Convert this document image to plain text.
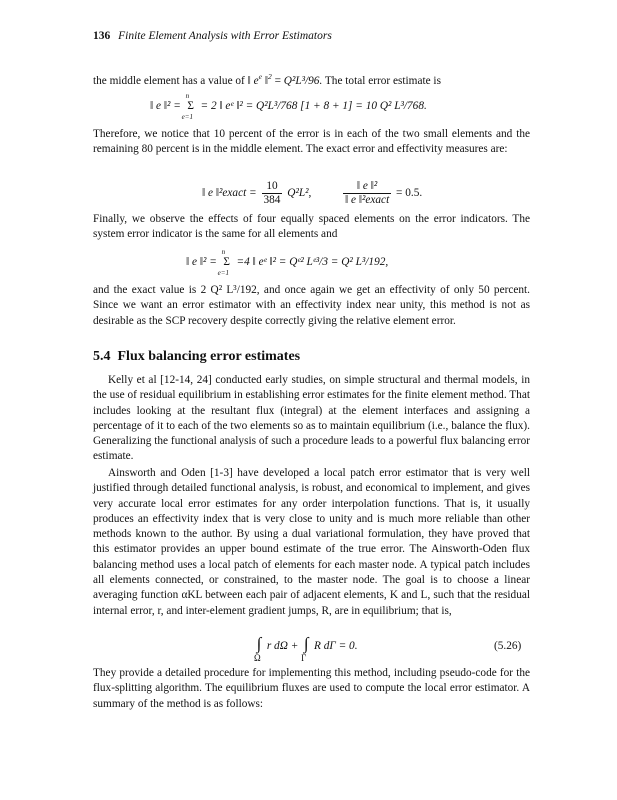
136 Finite Element Analysis with Error Estimators

the middle element has a value of ‖ $e^e$ ‖$^2$ = Q²L³/96. The total error estimate is

‖ e ‖² = Σ
n
e=1
= 2 ‖ eᵉ ‖² = Q²L³/768 [1 + 8 + 1] = 10 Q² L³/768.

Therefore, we notice that 10 percent of the error is in each of the two small elements and the remaining 80 percent is in the middle element. The exact error and effectivity measures are:

‖ e ‖²exact = $\frac{10}{384} Q^2L^2$,	$\frac{\text{‖ e ‖²}}{\text{‖ e ‖²exact}} = 0.5$.

Finally, we observe the effects of four equally spaced elements on the error indicators. The system error indicator is the same for all elements and

‖ e ‖² = Σ
n
e=1
=4 ‖ eᵉ ‖² = Qᵉ² Lᵉ³/3 = Q² L³/192,

and the exact value is 2 Q² L³/192, and once again we get an effectivity of only 50 percent. Since we want an error estimator with an effectivity index near unity, this method is not as desirable as the SCP recovery despite correctly giving the relative element error.

5.4 Flux balancing error estimates

Kelly et al [12-14, 24] conducted early studies, on simple structural and thermal models, in the use of residual equilibrium in establishing error estimates for the finite element method. That includes looking at the resultant flux (integral) at the element interfaces and assigning a percentage of it to each of the two elements so as to maintain equilibrium (i.e., balance the flux). Generalizing the functional analysis of such a procedure leads to a powerful flux balancing error estimate.

Ainsworth and Oden [1-3] have developed a local patch error estimator that is very well justified through detailed functional analysis, is robust, and economical to implement, and gives very accurate local error estimates for any order interpolation functions. That is, it usually produces an effectivity index that is very close to unity and is much more reliable than other methods known to the author. By using a dual variational formulation, they have proved that this estimator provides an upper bound estimate of the true error. The Ainsworth-Oden flux balancing method uses a local patch of elements for each master node. A typical patch includes all elements connected, or constrained, to the master node. The goal is to choose a linear averaging function αKL between each pair of adjacent elements, K and L, such that the residual internal error, r, and inter-element gradient jumps, R, are in equilibrium; that is,

∫
Ω
r dΩ + ∫
Γ
R dΓ = 0.	(5.26)

They provide a detailed procedure for implementing this method, including pseudo-code for the flux-splitting algorithm. The equilibrium fluxes are used to compute the local error estimator. A summary of the method is as follows:
